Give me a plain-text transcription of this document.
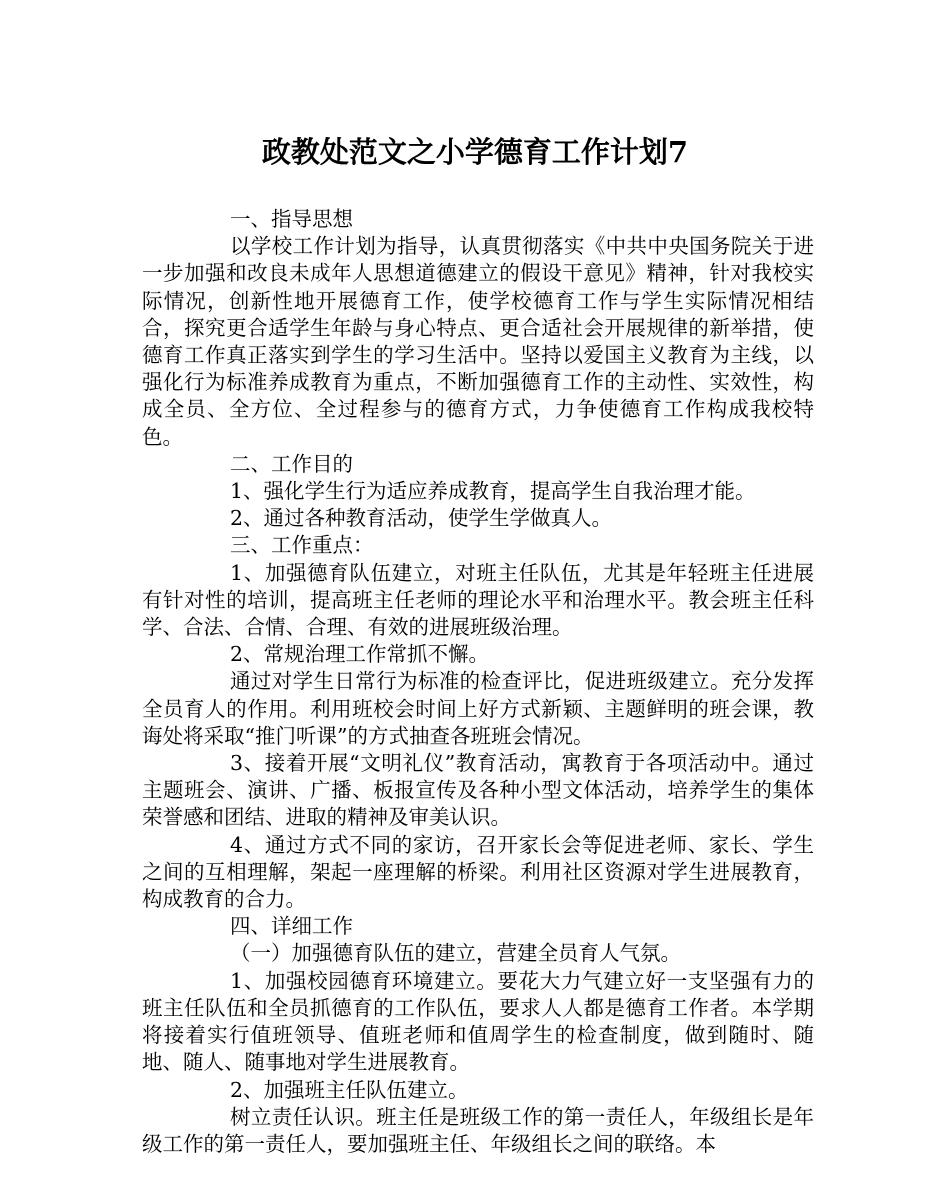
政教处范文之小学德育工作计划7

一、指导思想

以学校工作计划为指导，认真贯彻落实《中共中央国务院关于进一步加强和改良未成年人思想道德建立的假设干意见》精神，针对我校实际情况，创新性地开展德育工作，使学校德育工作与学生实际情况相结合，探究更合适学生年龄与身心特点、更合适社会开展规律的新举措，使德育工作真正落实到学生的学习生活中。坚持以爱国主义教育为主线，以强化行为标准养成教育为重点，不断加强德育工作的主动性、实效性，构成全员、全方位、全过程参与的德育方式，力争使德育工作构成我校特色。

二、工作目的

1、强化学生行为适应养成教育，提高学生自我治理才能。

2、通过各种教育活动，使学生学做真人。

三、工作重点：

1、加强德育队伍建立，对班主任队伍，尤其是年轻班主任进展有针对性的培训，提高班主任老师的理论水平和治理水平。教会班主任科学、合法、合情、合理、有效的进展班级治理。

2、常规治理工作常抓不懈。

通过对学生日常行为标准的检查评比，促进班级建立。充分发挥全员育人的作用。利用班校会时间上好方式新颖、主题鲜明的班会课，教诲处将采取“推门听课”的方式抽查各班班会情况。

3、接着开展“文明礼仪”教育活动，寓教育于各项活动中。通过主题班会、演讲、广播、板报宣传及各种小型文体活动，培养学生的集体荣誉感和团结、进取的精神及审美认识。

4、通过方式不同的家访，召开家长会等促进老师、家长、学生之间的互相理解，架起一座理解的桥梁。利用社区资源对学生进展教育，构成教育的合力。

四、详细工作

（一）加强德育队伍的建立，营建全员育人气氛。

1、加强校园德育环境建立。要花大力气建立好一支坚强有力的班主任队伍和全员抓德育的工作队伍，要求人人都是德育工作者。本学期将接着实行值班领导、值班老师和值周学生的检查制度，做到随时、随地、随人、随事地对学生进展教育。

2、加强班主任队伍建立。

树立责任认识。班主任是班级工作的第一责任人，年级组长是年级工作的第一责任人，要加强班主任、年级组长之间的联络。本
